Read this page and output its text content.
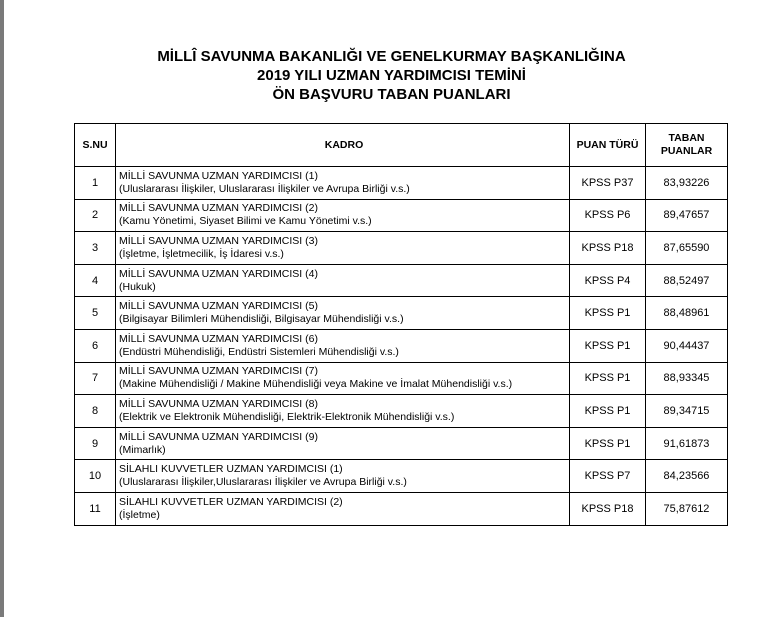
MİLLÎ SAVUNMA BAKANLIĞI VE GENELKURMAY BAŞKANLIĞINA
2019 YILI UZMAN YARDIMCISI TEMİNİ
ÖN BAŞVURU TABAN PUANLARI
S.NU	KADRO	PUAN TÜRÜ	TABAN
PUANLAR

1	MİLLİ SAVUNMA UZMAN YARDIMCISI (1)
(Uluslararası İlişkiler, Uluslararası İlişkiler ve Avrupa Birliği v.s.)	KPSS P37	83,93226
2	MİLLİ SAVUNMA UZMAN YARDIMCISI (2)
(Kamu Yönetimi, Siyaset Bilimi ve Kamu Yönetimi v.s.)	KPSS P6	89,47657
3	MİLLİ SAVUNMA UZMAN YARDIMCISI (3)
(İşletme, İşletmecilik, İş İdaresi v.s.)	KPSS P18	87,65590
4	MİLLİ SAVUNMA UZMAN YARDIMCISI (4)
(Hukuk)	KPSS P4	88,52497
5	MİLLİ SAVUNMA UZMAN YARDIMCISI (5)
(Bilgisayar Bilimleri Mühendisliği, Bilgisayar Mühendisliği v.s.)	KPSS P1	88,48961
6	MİLLİ SAVUNMA UZMAN YARDIMCISI (6)
(Endüstri Mühendisliği, Endüstri Sistemleri Mühendisliği v.s.)	KPSS P1	90,44437
7	MİLLİ SAVUNMA UZMAN YARDIMCISI (7)
(Makine Mühendisliği / Makine Mühendisliği veya Makine ve İmalat Mühendisliği v.s.)	KPSS P1	88,93345
8	MİLLİ SAVUNMA UZMAN YARDIMCISI (8)
(Elektrik ve Elektronik Mühendisliği, Elektrik-Elektronik Mühendisliği v.s.)	KPSS P1	89,34715
9	MİLLİ SAVUNMA UZMAN YARDIMCISI (9)
(Mimarlık)	KPSS P1	91,61873
10	SİLAHLI KUVVETLER UZMAN YARDIMCISI (1)
(Uluslararası İlişkiler,Uluslararası İlişkiler ve Avrupa Birliği v.s.)	KPSS P7	84,23566
11	SİLAHLI KUVVETLER UZMAN YARDIMCISI (2)
(İşletme)	KPSS P18	75,87612
